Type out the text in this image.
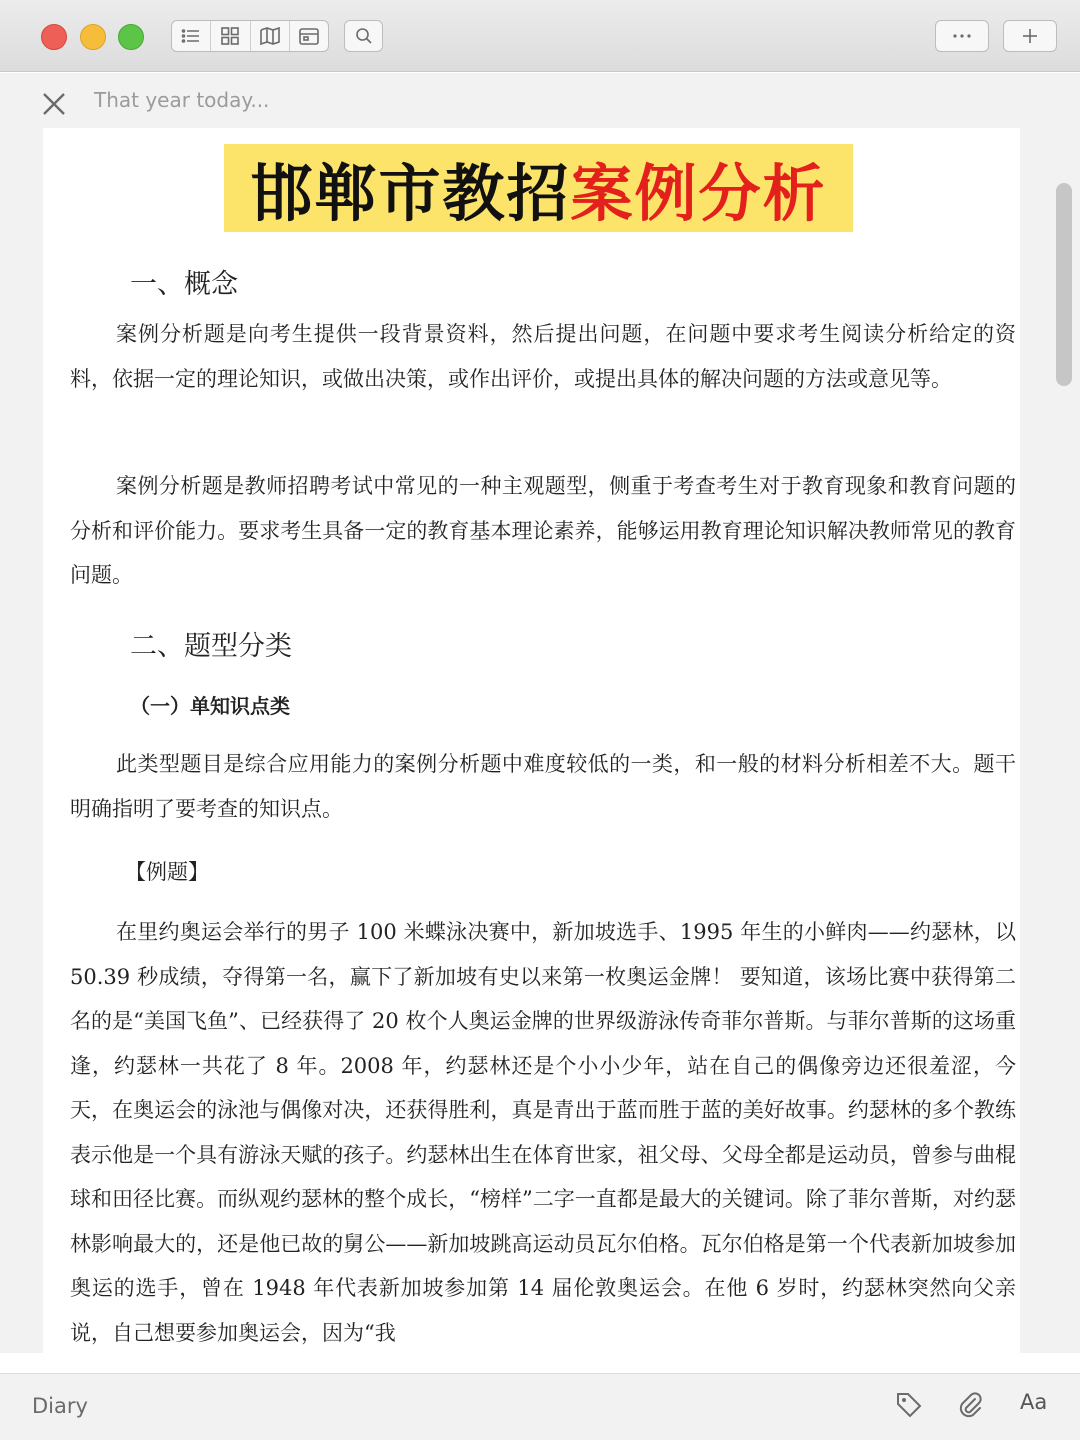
That year today...
邯郸市教招 案例分析
一、概念

案例分析题是向考生提供一段背景资料，然后提出问题，在问题中要求考生阅读分析给定的资料，依据一定的理论知识，或做出决策，或作出评价，或提出具体的解决问题的方法或意见等。

案例分析题是教师招聘考试中常见的一种主观题型，侧重于考查考生对于教育现象和教育问题的分析和评价能力。要求考生具备一定的教育基本理论素养，能够运用教育理论知识解决教师常见的教育问题。

二、题型分类
（一）单知识点类

此类型题目是综合应用能力的案例分析题中难度较低的一类，和一般的材料分析相差不大。题干明确指明了要考查的知识点。

【例题】

在里约奥运会举行的男子 100 米蝶泳决赛中，新加坡选手、1995 年生的小鲜肉——约瑟林，以 50.39 秒成绩，夺得第一名，赢下了新加坡有史以来第一枚奥运金牌！ 要知道，该场比赛中获得第二名的是“美国飞鱼”、已经获得了 20 枚个人奥运金牌的世界级游泳传奇菲尔普斯。与菲尔普斯的这场重逢，约瑟林一共花了 8 年。2008 年，约瑟林还是个小小少年，站在自己的偶像旁边还很羞涩，今天，在奥运会的泳池与偶像对决，还获得胜利，真是青出于蓝而胜于蓝的美好故事。约瑟林的多个教练表示他是一个具有游泳天赋的孩子。约瑟林出生在体育世家，祖父母、父母全都是运动员，曾参与曲棍球和田径比赛。而纵观约瑟林的整个成长，“榜样”二字一直都是最大的关键词。除了菲尔普斯，对约瑟林影响最大的，还是他已故的舅公——新加坡跳高运动员瓦尔伯格。瓦尔伯格是第一个代表新加坡参加奥运的选手，曾在 1948 年代表新加坡参加第 14 届伦敦奥运会。在他 6 岁时，约瑟林突然向父亲说，自己想要参加奥运会，因为“我

Diary	Aa
